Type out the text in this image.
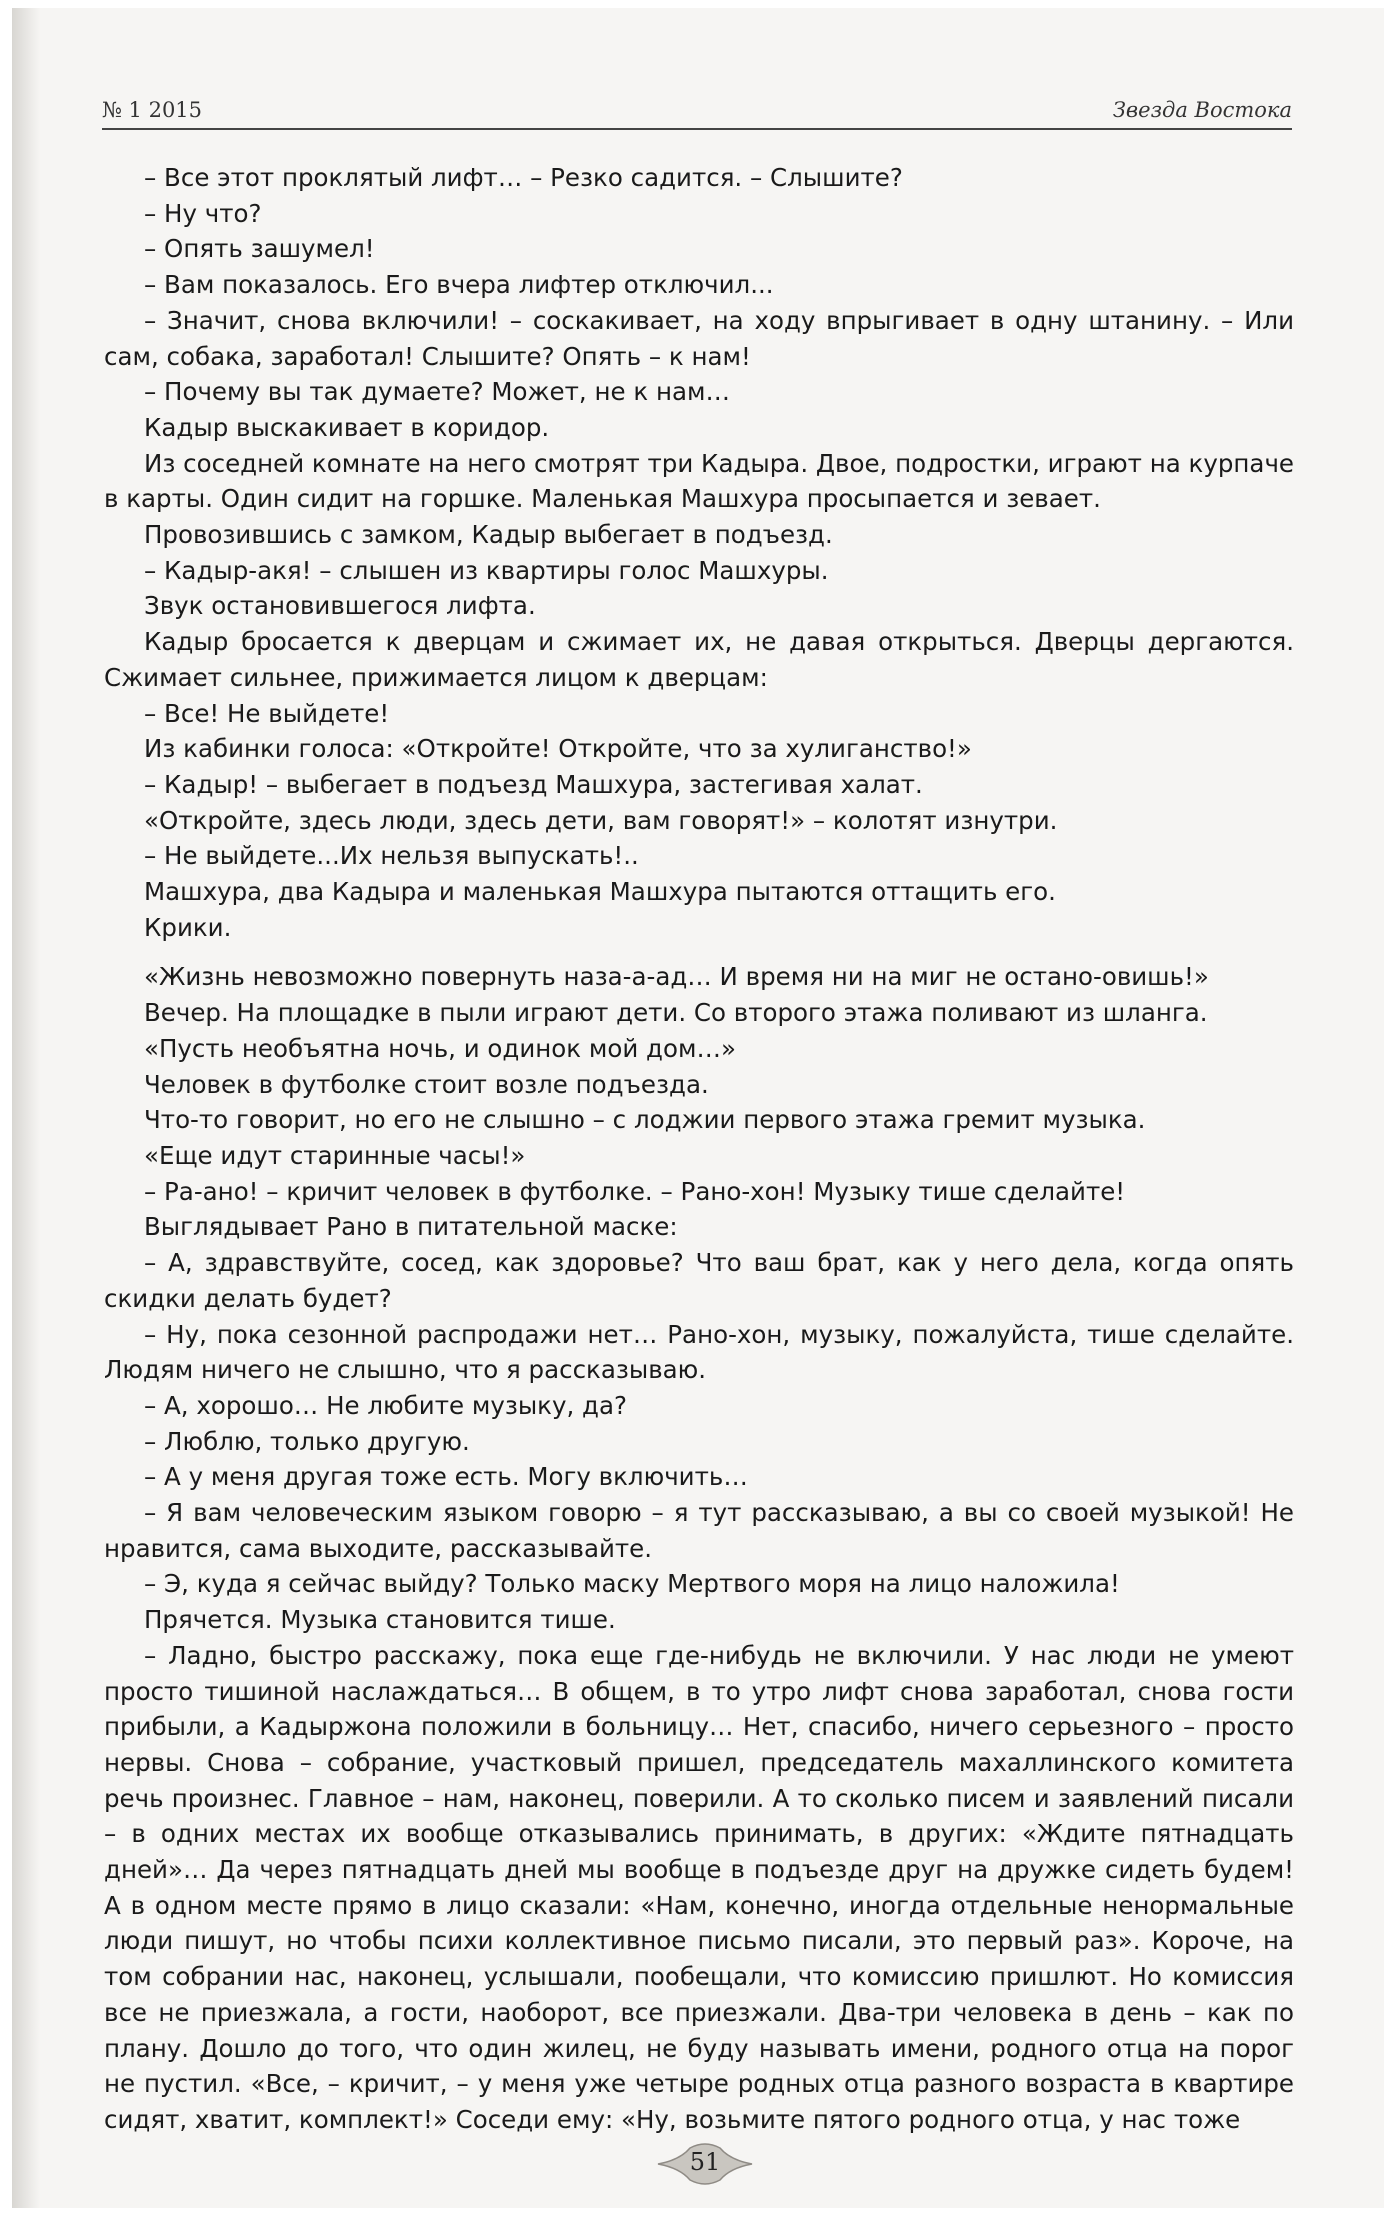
№ 1 2015	Звезда Востока

– Все этот проклятый лифт… – Резко садится. – Слышите?

– Ну что?

– Опять зашумел!

– Вам показалось. Его вчера лифтер отключил...

– Значит, снова включили! – соскакивает, на ходу впрыгивает в одну штанину. – Или сам, собака, заработал! Слышите? Опять – к нам!

– Почему вы так думаете? Может, не к нам…

Кадыр выскакивает в коридор.

Из соседней комнате на него смотрят три Кадыра. Двое, подростки, играют на курпаче в карты. Один сидит на горшке. Маленькая Машхура просыпается и зевает.

Провозившись с замком, Кадыр выбегает в подъезд.

– Кадыр-акя! – слышен из квартиры голос Машхуры.

Звук остановившегося лифта.

Кадыр бросается к дверцам и сжимает их, не давая открыться. Дверцы дергаются. Сжимает сильнее, прижимается лицом к дверцам:

– Все! Не выйдете!

Из кабинки голоса: «Откройте! Откройте, что за хулиганство!»

– Кадыр! – выбегает в подъезд Машхура, застегивая халат.

«Откройте, здесь люди, здесь дети, вам говорят!» – колотят изнутри.

– Не выйдете...Их нельзя выпускать!..

Машхура, два Кадыра и маленькая Машхура пытаются оттащить его.

Крики.

«Жизнь невозможно повернуть наза-а-ад… И время ни на миг не остано-овишь!»

Вечер. На площадке в пыли играют дети. Со второго этажа поливают из шланга.

«Пусть необъятна ночь, и одинок мой дом…»

Человек в футболке стоит возле подъезда.

Что-то говорит, но его не слышно – с лоджии первого этажа гремит музыка.

«Еще идут старинные часы!»

– Ра-ано! – кричит человек в футболке. – Рано-хон! Музыку тише сделайте!

Выглядывает Рано в питательной маске:

– А, здравствуйте, сосед, как здоровье? Что ваш брат, как у него дела, когда опять скидки делать будет?

– Ну, пока сезонной распродажи нет… Рано-хон, музыку, пожалуйста, тише сделайте. Людям ничего не слышно, что я рассказываю.

– А, хорошо… Не любите музыку, да?

– Люблю, только другую.

– А у меня другая тоже есть. Могу включить…

– Я вам человеческим языком говорю – я тут рассказываю, а вы со своей музыкой! Не нравится, сама выходите, рассказывайте.

– Э, куда я сейчас выйду? Только маску Мертвого моря на лицо наложила!

Прячется. Музыка становится тише.

– Ладно, быстро расскажу, пока еще где-нибудь не включили. У нас люди не умеют просто тишиной наслаждаться… В общем, в то утро лифт снова заработал, снова гости прибыли, а Кадыржона положили в больницу… Нет, спасибо, ничего серьезного – просто нервы. Снова – собрание, участковый пришел, председатель махаллинского комитета речь произнес. Главное – нам, наконец, поверили. А то сколько писем и заявлений писали – в одних местах их вообще отказывались принимать, в других: «Ждите пятнадцать дней»… Да через пятнадцать дней мы вообще в подъезде друг на дружке сидеть будем! А в одном месте прямо в лицо сказали: «Нам, конечно, иногда отдельные ненормальные люди пишут, но чтобы психи коллективное письмо писали, это первый раз». Короче, на том собрании нас, наконец, услышали, пообещали, что комиссию пришлют. Но комиссия все не приезжала, а гости, наоборот, все приезжали. Два-три человека в день – как по плану. Дошло до того, что один жилец, не буду называть имени, родного отца на порог не пустил. «Все, – кричит, – у меня уже четыре родных отца разного возраста в квартире сидят, хватит, комплект!» Соседи ему: «Ну, возьмите пятого родного отца, у нас тоже

51
